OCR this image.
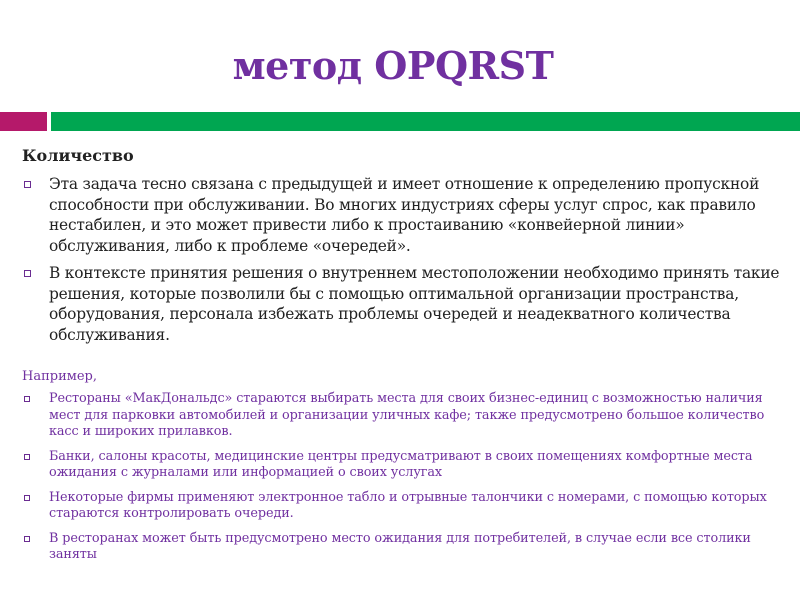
метод OPQRST
Количество
Эта задача тесно связана с предыдущей и имеет отношение к определению пропускной способности при обслуживании. Во многих индустриях сферы услуг спрос, как правило нестабилен, и это может привести либо к простаиванию «конвейерной линии» обслуживания, либо к проблеме «очередей».
В контексте принятия решения о внутреннем местоположении необходимо принять такие решения, которые позволили бы с помощью оптимальной организации пространства, оборудования, персонала избежать проблемы очередей и неадекватного количества обслуживания.
Например,
Рестораны «МакДональдс» стараются выбирать места для своих бизнес-единиц с возможностью наличия мест для парковки автомобилей и организации уличных кафе; также предусмотрено большое количество касс и широких прилавков.
Банки, салоны красоты, медицинские центры предусматривают в своих помещениях комфортные места ожидания с журналами или информацией о своих услугах
Некоторые фирмы применяют электронное табло и отрывные талончики с номерами, с помощью которых стараются контролировать очереди.
В ресторанах может быть предусмотрено место ожидания для потребителей, в случае если все столики заняты
